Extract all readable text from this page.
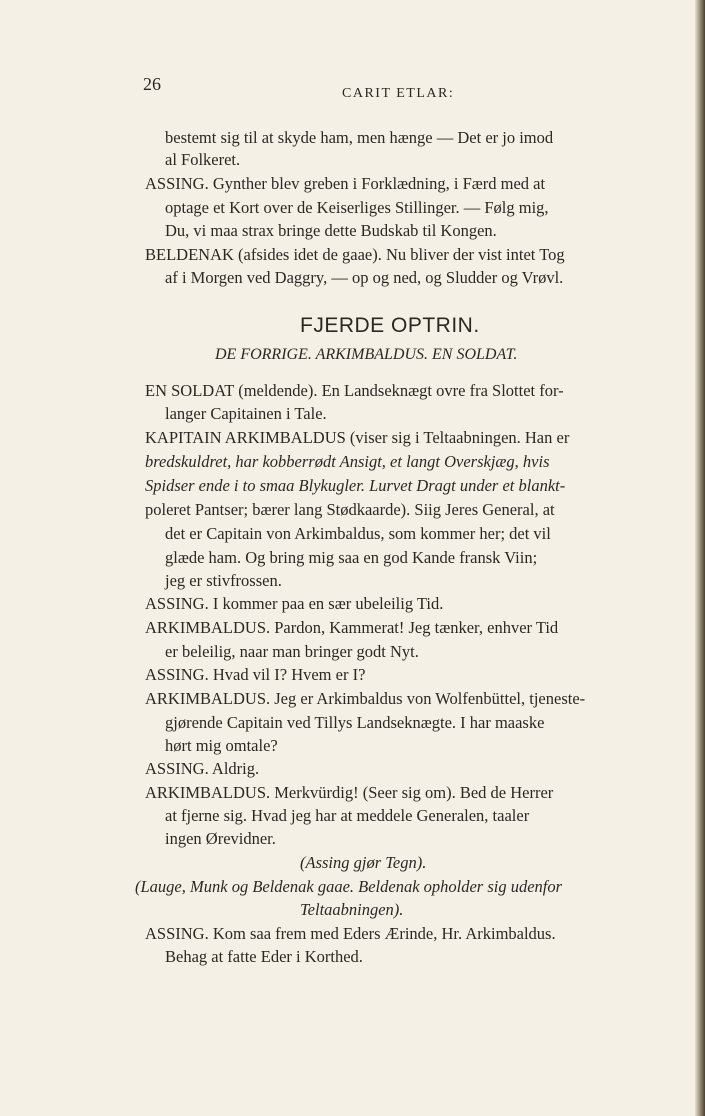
26	CARIT ETLAR:
bestemt sig til at skyde ham, men hænge — Det er jo imod
al Folkeret.
ASSING. Gynther blev greben i Forklædning, i Færd med at
optage et Kort over de Keiserliges Stillinger. — Følg mig,
Du, vi maa strax bringe dette Budskab til Kongen.
BELDENAK (afsides idet de gaae). Nu bliver der vist intet Tog
af i Morgen ved Daggry, — op og ned, og Sludder og Vrøvl.
FJERDE OPTRIN.
DE FORRIGE. ARKIMBALDUS. EN SOLDAT.
EN SOLDAT (meldende). En Landseknægt ovre fra Slottet for-
langer Capitainen i Tale.
KAPITAIN ARKIMBALDUS (viser sig i Teltaabningen. Han er
bredskuldret, har kobberrødt Ansigt, et langt Overskjæg, hvis
Spidser ende i to smaa Blykugler. Lurvet Dragt under et blankt-
poleret Pantser; bærer lang Stødkaarde). Siig Jeres General, at
det er Capitain von Arkimbaldus, som kommer her; det vil
glæde ham. Og bring mig saa en god Kande fransk Viin;
jeg er stivfrossen.
ASSING. I kommer paa en sær ubeleilig Tid.
ARKIMBALDUS. Pardon, Kammerat! Jeg tænker, enhver Tid
er beleilig, naar man bringer godt Nyt.
ASSING. Hvad vil I? Hvem er I?
ARKIMBALDUS. Jeg er Arkimbaldus von Wolfenbüttel, tjeneste-
gjørende Capitain ved Tillys Landseknægte. I har maaske
hørt mig omtale?
ASSING. Aldrig.
ARKIMBALDUS. Merkvürdig! (Seer sig om). Bed de Herrer
at fjerne sig. Hvad jeg har at meddele Generalen, taaler
ingen Ørevidner.
(Assing gjør Tegn).
(Lauge, Munk og Beldenak gaae. Beldenak opholder sig udenfor
Teltaabningen).
ASSING. Kom saa frem med Eders Ærinde, Hr. Arkimbaldus.
Behag at fatte Eder i Korthed.
